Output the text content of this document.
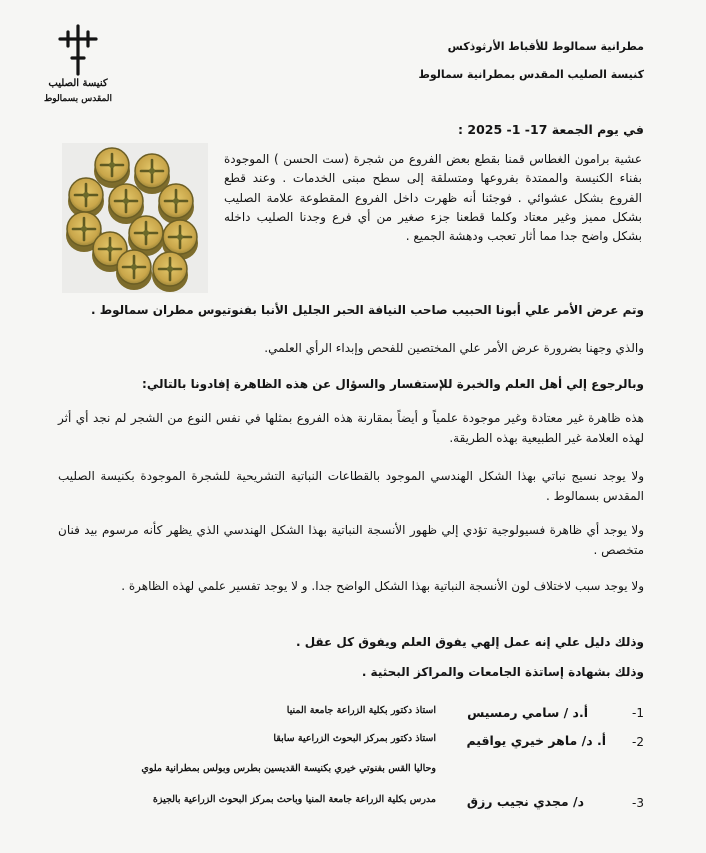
كنيسة الصليب
المقدس بسمالوط
مطرانية سمالوط للأقباط الأرثوذكس
كنيسة الصليب المقدس بمطرانية سمالوط
في يوم الجمعة 17- 1- 2025 :
عشية برامون الغطاس قمنا بقطع بعض الفروع من شجرة (ست الحسن ) الموجودة بفناء الكنيسة والممتدة بفروعها ومتسلقة إلى سطح مبنى الخدمات . وعند قطع الفروع بشكل عشوائي . فوجئنا أنه ظهرت داخل الفروع المقطوعة علامة الصليب بشكل مميز وغير معتاد وكلما قطعنا جزء صغير من أي فرع وجدنا الصليب داخله بشكل واضح جدا مما أثار تعجب ودهشة الجميع .
وتم عرض الأمر علي أبونا الحبيب صاحب النيافة الحبر الجليل الأنبا بفنوتيوس مطران سمالوط .
والذي وجهنا بضرورة عرض الأمر علي المختصين للفحص وإبداء الرأي العلمي.
وبالرجوع إلي أهل العلم والخبرة للإستفسار والسؤال عن هذه الظاهرة إفادونا بالتالي:
هذه ظاهرة غير معتادة وغير موجودة علمياً و أيضاً بمقارنة هذه الفروع بمثلها في نفس النوع من الشجر لم نجد أي أثر لهذه العلامة غير الطبيعية بهذه الطريقة.
ولا يوجد نسيج نباتي بهذا الشكل الهندسي الموجود بالقطاعات النباتية التشريحية للشجرة الموجودة بكنيسة الصليب المقدس بسمالوط .
ولا يوجد أي ظاهرة فسيولوجية تؤدي إلي ظهور الأنسجة النباتية بهذا الشكل الهندسي الذي يظهر كأنه مرسوم بيد فنان متخصص .
ولا يوجد سبب لاختلاف لون الأنسجة النباتية بهذا الشكل الواضح جدا. و لا يوجد تفسير علمي لهذه الظاهرة .
وذلك دليل علي إنه عمل إلهي يفوق العلم ويفوق كل عقل .
وذلك بشهادة إساتذة الجامعات والمراكز البحثية .
-1
أ.د / سامي رمسيس
استاذ دكتور بكلية الزراعة جامعة المنيا
-2
أ. د/ ماهر خيري يواقيم
استاذ دكتور بمركز البحوث الزراعية سابقا
وحاليا القس بفنوتي خيري بكنيسة القديسين بطرس وبولس بمطرانية ملوي
-3
د/ مجدي نجيب رزق
مدرس بكلية الزراعة جامعة المنيا وباحث بمركز البحوث الزراعية بالجيزة
